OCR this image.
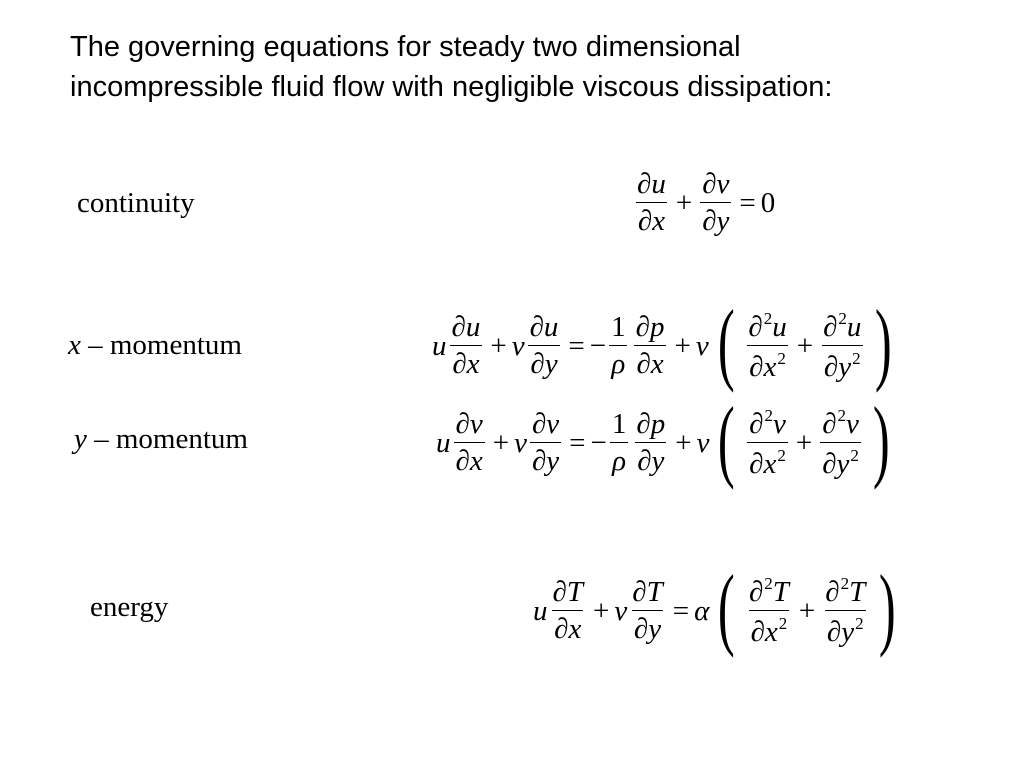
The governing equations for steady two dimensional incompressible fluid flow with negligible viscous dissipation:
continuity	$\frac{\partial u}{\partial x} + \frac{\partial v}{\partial y} = 0$
x – momentum	u $\frac{\partial u}{\partial x} + v \frac{\partial u}{\partial y}$ = − $\frac{1}{\rho} \frac{\partial p}{\partial x} + \nu$ ( $\frac{\partial^2u}{\partial x^2} + \frac{\partial^2u}{\partial y^2}$ )
y – momentum	u $\frac{\partial v}{\partial x} + v \frac{\partial v}{\partial y}$ = − $\frac{1}{\rho} \frac{\partial p}{\partial y} + \nu$ ( $\frac{\partial^2v}{\partial x^2} + \frac{\partial^2v}{\partial y^2}$ )
energy	u $\frac{\partial T}{\partial x} + v \frac{\partial T}{\partial y} = \alpha$ ( $\frac{\partial^2T}{\partial x^2} + \frac{\partial^2T}{\partial y^2}$ )
